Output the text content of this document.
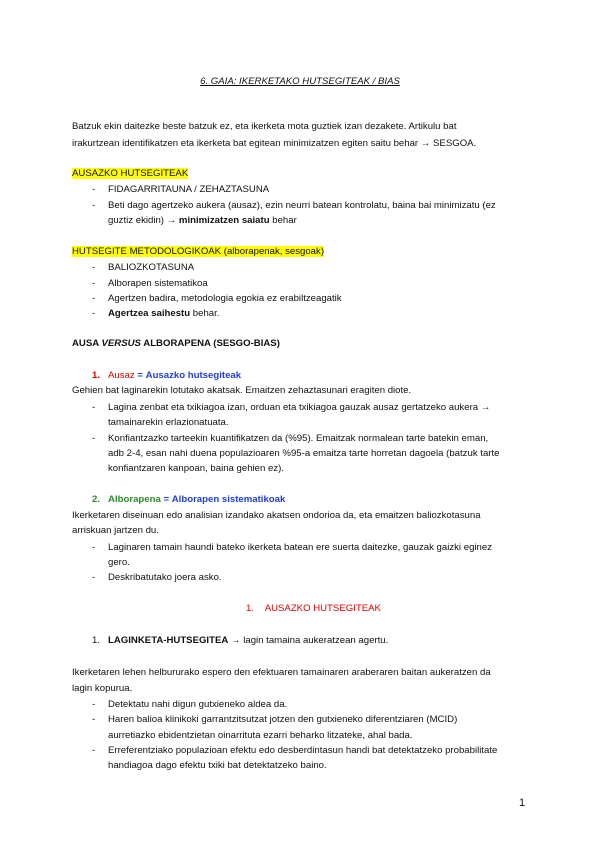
6. GAIA: IKERKETAKO HUTSEGITEAK / BIAS
Batzuk ekin daitezke beste batzuk ez, eta ikerketa mota guztiek izan dezakete. Artikulu bat
irakurtzean identifikatzen eta ikerketa bat egitean minimizatzen egiten saitu behar → SESGOA.
AUSAZKO HUTSEGITEAK
- FIDAGARRITAUNA / ZEHAZTASUNA
- Beti dago agertzeko aukera (ausaz), ezin neurri batean kontrolatu, baina bai minimizatu (ez
guztiz ekidin) → minimizatzen saiatu behar
HUTSEGITE METODOLOGIKOAK (alborapenak, sesgoak)
- BALIOZKOTASUNA
- Alborapen sistematikoa
- Agertzen badira, metodologia egokia ez erabiltzeagatik
- Agertzea saihestu behar.
AUSA VERSUS ALBORAPENA (SESGO-BIAS)
1. Ausaz = Ausazko hutsegiteak
Gehien bat laginarekin lotutako akatsak. Emaitzen zehaztasunari eragiten diote.
- Lagina zenbat eta txikiagoa izan, orduan eta txikiagoa gauzak ausaz gertatzeko aukera →
tamainarekin erlazionatuata.
- Konfiantzazko tarteekin kuantifikatzen da (%95). Emaitzak normalean tarte batekin eman,
adb 2-4, esan nahi duena populazioaren %95-a emaitza tarte horretan dagoela (batzuk tarte
konfiantzaren kanpoan, baina gehien ez).
2. Alborapena = Alborapen sistematikoak
Ikerketaren diseinuan edo analisian izandako akatsen ondorioa da, eta emaitzen baliozkotasuna
arriskuan jartzen du.
- Laginaren tamain haundi bateko ikerketa batean ere suerta daitezke, gauzak gaizki eginez
gero.
- Deskribatutako joera asko.
1. AUSAZKO HUTSEGITEAK
1. LAGINKETA-HUTSEGITEA → lagin tamaina aukeratzean agertu.
Ikerketaren lehen helbururako espero den efektuaren tamainaren araberaren baitan aukeratzen da
lagin kopurua.
- Detektatu nahi digun gutxieneko aldea da.
- Haren balioa klinikoki garrantzitsutzat jotzen den gutxieneko diferentziaren (MCID)
aurretiazko ebidentzietan oinarrituta ezarri beharko litzateke, ahal bada.
- Erreferentziako populazioan efektu edo desberdintasun handi bat detektatzeko probabilitate
handiagoa dago efektu txiki bat detektatzeko baino.
1
